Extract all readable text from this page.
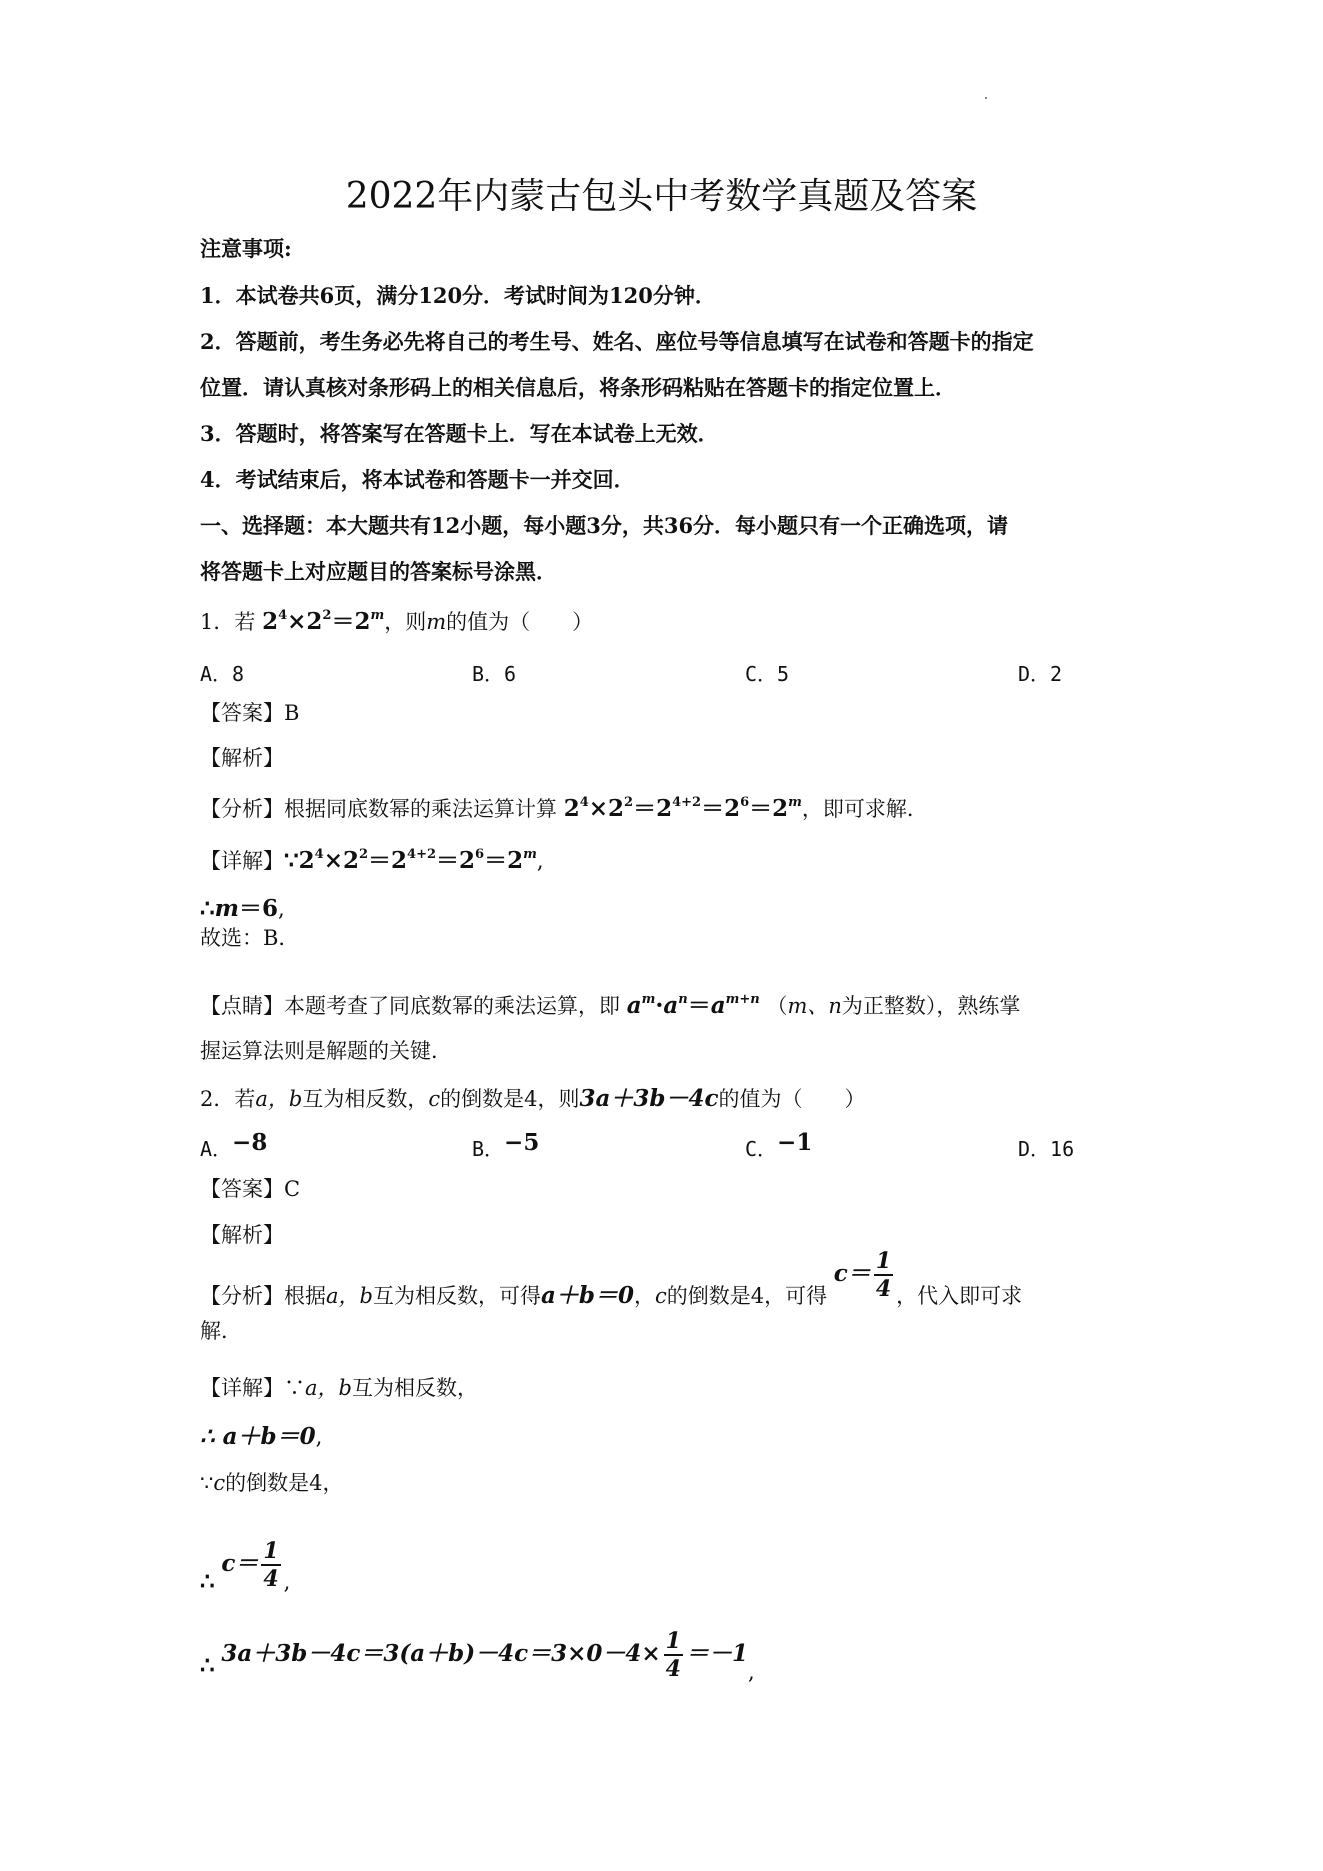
2022年内蒙古包头中考数学真题及答案
注意事项:
1．本试卷共6页，满分120分．考试时间为120分钟．
2．答题前，考生务必先将自己的考生号、姓名、座位号等信息填写在试卷和答题卡的指定
位置．请认真核对条形码上的相关信息后，将条形码粘贴在答题卡的指定位置上．
3．答题时，将答案写在答题卡上．写在本试卷上无效．
4．考试结束后，将本试卷和答题卡一并交回．
一、选择题：本大题共有12小题，每小题3分，共36分．每小题只有一个正确选项，请
将答题卡上对应题目的答案标号涂黑．
1．若 $2^4\times 2^2=2^m$，则m的值为（　　）
A．8	B．6	C．5	D．2
【答案】B
【解析】
【分析】根据同底数幂的乘法运算计算 $2^4\times 2^2=2^{4+2}=2^6=2^m$，即可求解．
【详解】$\because 2^4\times 2^2=2^{4+2}=2^6=2^m$,
∴m＝6,
故选：B．
【点睛】本题考查了同底数幂的乘法运算，即 $a^m\cdot a^n=a^{m+n}$ （m、n为正整数），熟练掌
握运算法则是解题的关键．
2．若a，b互为相反数，c的倒数是4，则3a＋3b－4c的值为（　　）
A．−8	B．−5	C．−1	D．16
【答案】C
【解析】
【分析】根据a，b互为相反数，可得a＋b＝0，c的倒数是4，可得 $c= \frac{1}{4}$ ，代入即可求
解．
【详解】∵a，b互为相反数，
∴ a＋b＝0,
∵c的倒数是4，
∴ $c= \frac{1}{4}$ ,
∴ $3a+3b-4c=3(a+b)-4c=3\times 0-4\times \frac{1}{4} =-1$,
